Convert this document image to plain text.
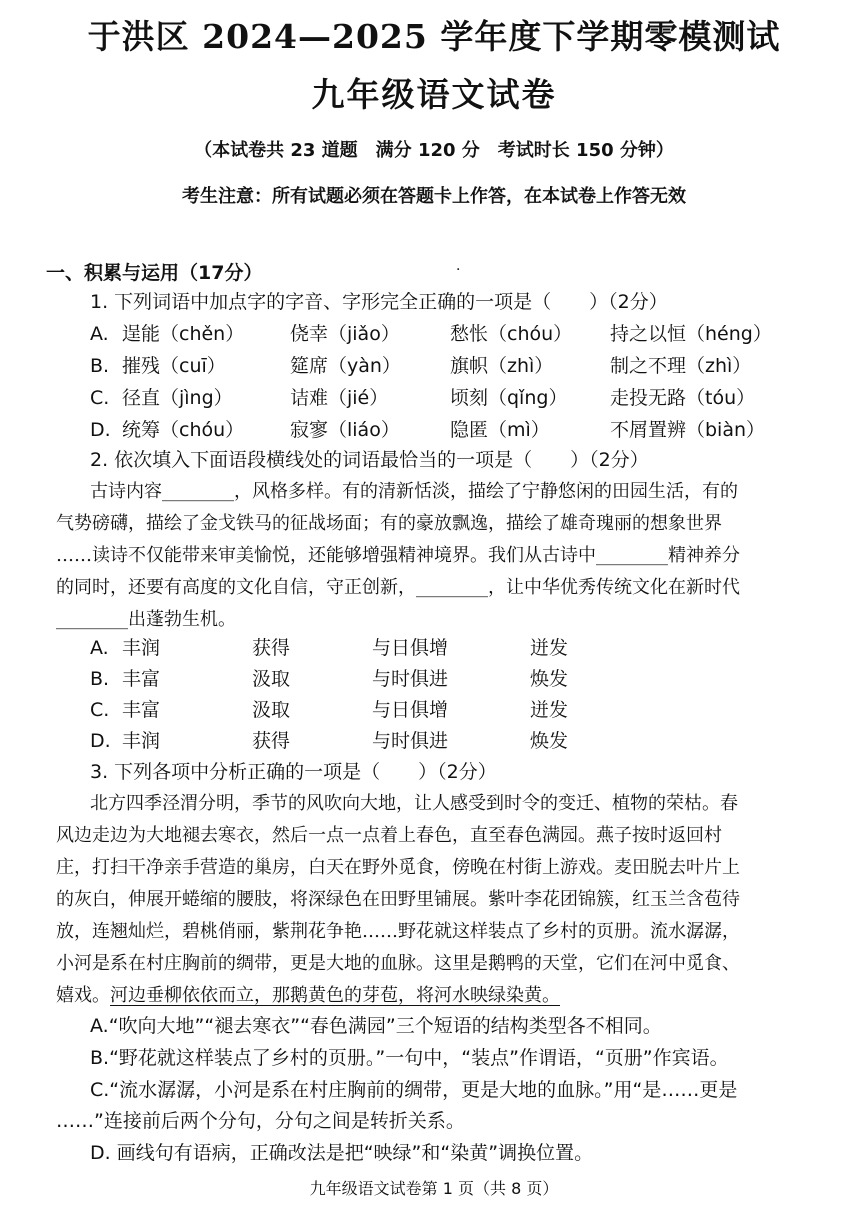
于洪区 2024—2025 学年度下学期零模测试
九年级语文试卷
（本试卷共 23 道题　满分 120 分　考试时长 150 分钟）
考生注意：所有试题必须在答题卡上作答，在本试卷上作答无效
一、积累与运用（17分）	·
1. 下列词语中加点字的字音、字形完全正确的一项是（　　）（2分）
A. 逞能（chěn） 侥幸（jiǎo）	愁怅（chóu） 持之以恒（héng）
B. 摧残（cuī）	筵席（yàn）	旗帜（zhì）	制之不理（zhì）
C. 径直（jìng）	诘难（jié）	顷刻（qǐng） 走投无路（tóu）
D. 统筹（chóu） 寂寥（liáo）	隐匿（mì）	不屑置辨（biàn）
2. 依次填入下面语段横线处的词语最恰当的一项是（　　）（2分）
古诗内容________，风格多样。有的清新恬淡，描绘了宁静悠闲的田园生活，有的
气势磅礴，描绘了金戈铁马的征战场面；有的豪放飘逸，描绘了雄奇瑰丽的想象世界
……读诗不仅能带来审美愉悦，还能够增强精神境界。我们从古诗中________精神养分
的同时，还要有高度的文化自信，守正创新，________，让中华优秀传统文化在新时代
________出蓬勃生机。
A. 丰润	获得	与日俱增	迸发
B. 丰富	汲取	与时俱进	焕发
C. 丰富	汲取	与日俱增	迸发
D. 丰润	获得	与时俱进	焕发
3. 下列各项中分析正确的一项是（　　）（2分）
北方四季泾渭分明，季节的风吹向大地，让人感受到时令的变迁、植物的荣枯。春
风边走边为大地褪去寒衣，然后一点一点着上春色，直至春色满园。燕子按时返回村
庄，打扫干净亲手营造的巢房，白天在野外觅食，傍晚在村街上游戏。麦田脱去叶片上
的灰白，伸展开蜷缩的腰肢，将深绿色在田野里铺展。紫叶李花团锦簇，红玉兰含苞待
放，连翘灿烂，碧桃俏丽，紫荆花争艳……野花就这样装点了乡村的页册。流水潺潺，
小河是系在村庄胸前的绸带，更是大地的血脉。这里是鹅鸭的天堂，它们在河中觅食、
嬉戏。 河边垂柳依依而立，那鹅黄色的芽苞，将河水映绿染黄。
A.“吹向大地”“褪去寒衣”“春色满园”三个短语的结构类型各不相同。
B.“野花就这样装点了乡村的页册。”一句中，“装点”作谓语，“页册”作宾语。
C.“流水潺潺，小河是系在村庄胸前的绸带，更是大地的血脉。”用“是……更是
……”连接前后两个分句，分句之间是转折关系。
D. 画线句有语病，正确改法是把“映绿”和“染黄”调换位置。
九年级语文试卷第 1 页（共 8 页）
